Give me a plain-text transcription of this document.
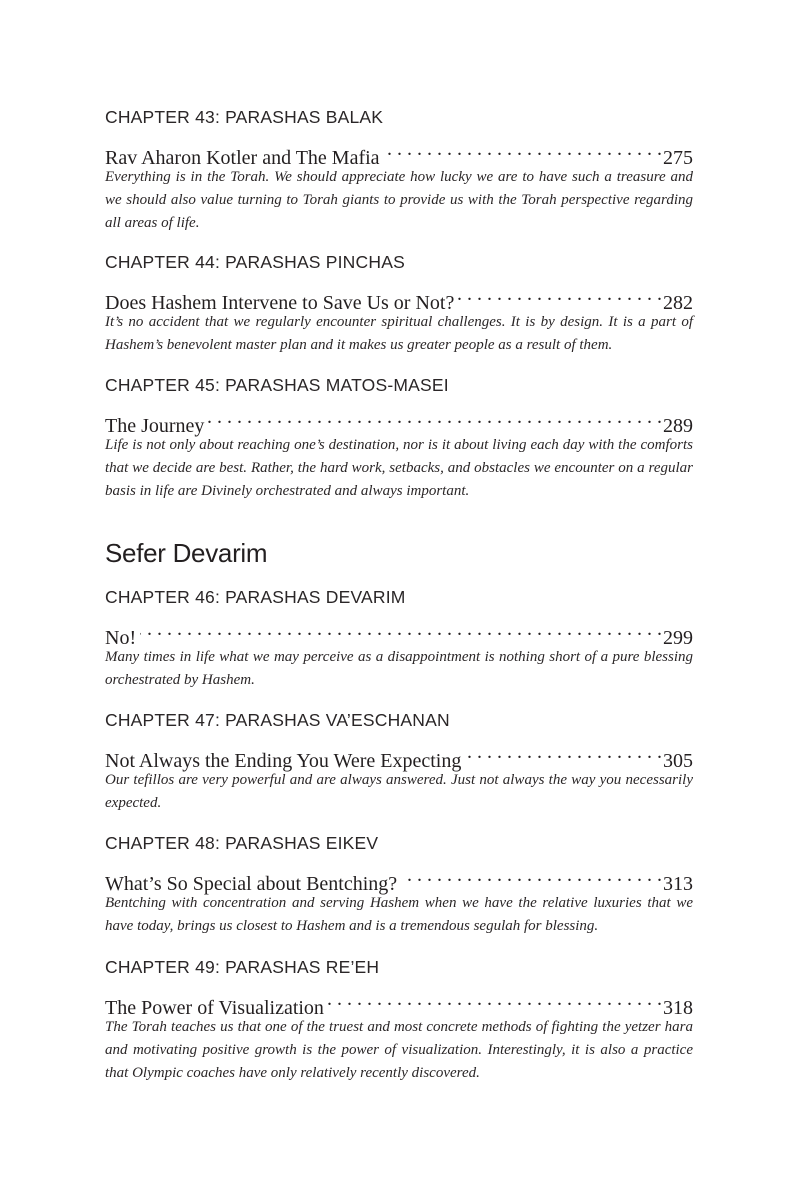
CHAPTER 43: PARASHAS BALAK
Rav Aharon Kotler and The Mafia . . .	275
Everything is in the Torah. We should appreciate how lucky we are to have such a treasure and we should also value turning to Torah giants to provide us with the Torah perspective regarding all areas of life.
CHAPTER 44: PARASHAS PINCHAS
Does Hashem Intervene to Save Us or Not? . . .	282
It’s no accident that we regularly encounter spiritual challenges. It is by design. It is a part of Hashem’s benevolent master plan and it makes us greater people as a result of them.
CHAPTER 45: PARASHAS MATOS-MASEI
The Journey . . .	289
Life is not only about reaching one’s destination, nor is it about living each day with the comforts that we decide are best. Rather, the hard work, setbacks, and obstacles we encounter on a regular basis in life are Divinely orchestrated and always important.
Sefer Devarim
CHAPTER 46: PARASHAS DEVARIM
No! . . .	299
Many times in life what we may perceive as a disappointment is nothing short of a pure blessing orchestrated by Hashem.
CHAPTER 47: PARASHAS VA’ESCHANAN
Not Always the Ending You Were Expecting . . .	305
Our tefillos are very powerful and are always answered. Just not always the way you necessarily expected.
CHAPTER 48: PARASHAS EIKEV
What’s So Special about Bentching? . . .	313
Bentching with concentration and serving Hashem when we have the relative luxuries that we have today, brings us closest to Hashem and is a tremendous segulah for blessing.
CHAPTER 49: PARASHAS RE’EH
The Power of Visualization . . .	318
The Torah teaches us that one of the truest and most concrete methods of fighting the yetzer hara and motivating positive growth is the power of visualization. Interestingly, it is also a practice that Olympic coaches have only relatively recently discovered.
